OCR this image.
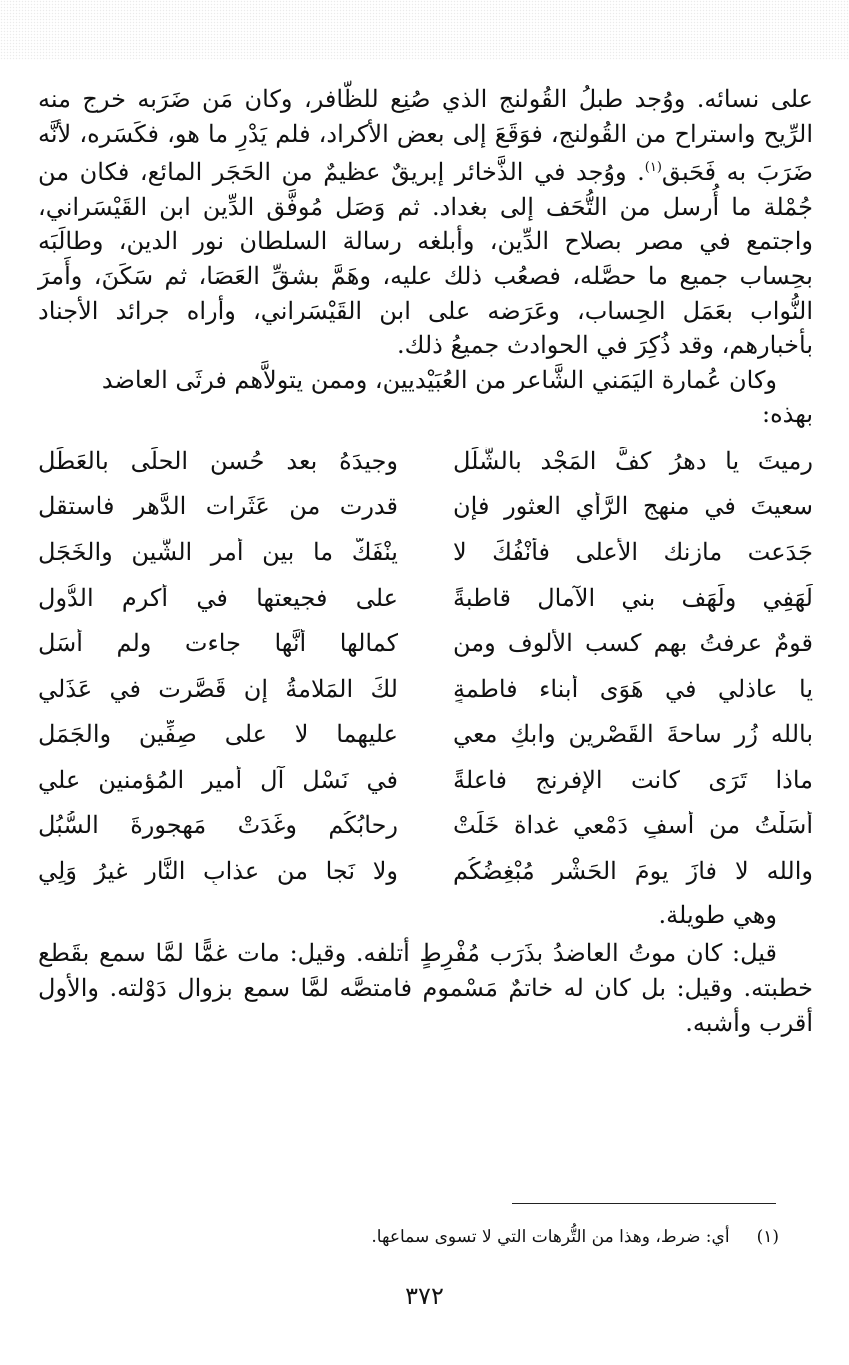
على نسائه. ووُجد طبلُ القُولنج الذي صُنِع للظّافر، وكان مَن ضَرَبه خرج منه الرِّيح واستراح من القُولنج، فوَقَعَ إلى بعض الأكراد، فلم يَدْرِ ما هو، فكَسَره، لأنَّه ضَرَبَ به فَحَبق$^{(١)}$. ووُجد في الذَّخائر إبريقٌ عظيمٌ من الحَجَر المائع، فكان من جُمْلة ما أُرسل من التُّحَف إلى بغداد. ثم وَصَل مُوفَّق الدِّين ابن القَيْسَراني، واجتمع في مصر بصلاح الدِّين، وأبلغه رسالة السلطان نور الدين، وطالَبَه بحِساب جميع ما حصَّله، فصعُب ذلك عليه، وهَمَّ بشقِّ العَصَا، ثم سَكَنَ، وأَمرَ النُّواب بعَمَل الحِساب، وعَرَضه على ابن القَيْسَراني، وأراه جرائد الأجناد بأخبارهم، وقد ذُكِرَ في الحوادث جميعُ ذلك.

وكان عُمارة اليَمَني الشَّاعر من العُبَيْديين، وممن يتولاَّهم فرثَى العاضد

بهذه:

رميتَ يا دهرُ كفَّ المَجْد بالشَّلَلِ
وجيدَهُ بعد حُسن الحلَى بالعَطَلِ
سعيتَ في منهج الرَّأي العثور فإن
قدرت من عَثَرات الدَّهر فاستقل
جَدَعت مازنك الأعلى فأنْفُكَ لا
ينْفَكُّ ما بين أمرِ الشَّين والخَجَلِ
لَهَفِي ولَهَف بني الآمال قاطبةً
على فجيعتها في أكرم الدُّولِ
قومٌ عرفتُ بهم كسب الألوف ومن
كمالها أنَّها جاءت ولم أسَلِ
يا عاذلي في هَوَى أبناء فاطمةٍ
لكَ المَلامةُ إن قَصَّرت في عَذَلي
بالله زُر ساحةَ القَصْرين وابكِ معي
عليهما لا على صِفِّين والجَمَلِ
ماذا تَرَى كانت الإفرنج فاعلةً
في نَسْل آل أمير المُؤمنين علي
أَسَلْتُ من أسفٍ دَمْعي غداة خَلَتْ
رحابُكُم وغَدَتْ مَهجورةَ السُّبُلِ
والله لا فازَ يومَ الحَشْر مُبْغِضُكُم
ولا نَجا من عذابِ النَّار غيرُ وَلِي

وهي طويلة.

قيل: كان موتُ العاضدُ بذَرَب مُفْرِطٍ أتلفه. وقيل: مات غمًّا لمَّا سمع بقَطع خطبته. وقيل: بل كان له خاتمٌ مَسْموم فامتصَّه لمَّا سمع بزوال دَوْلته. والأول أقرب وأشبه.

(١)     أي: ضرط، وهذا من التُّرهات التي لا تسوى سماعها.
٣٧٢
